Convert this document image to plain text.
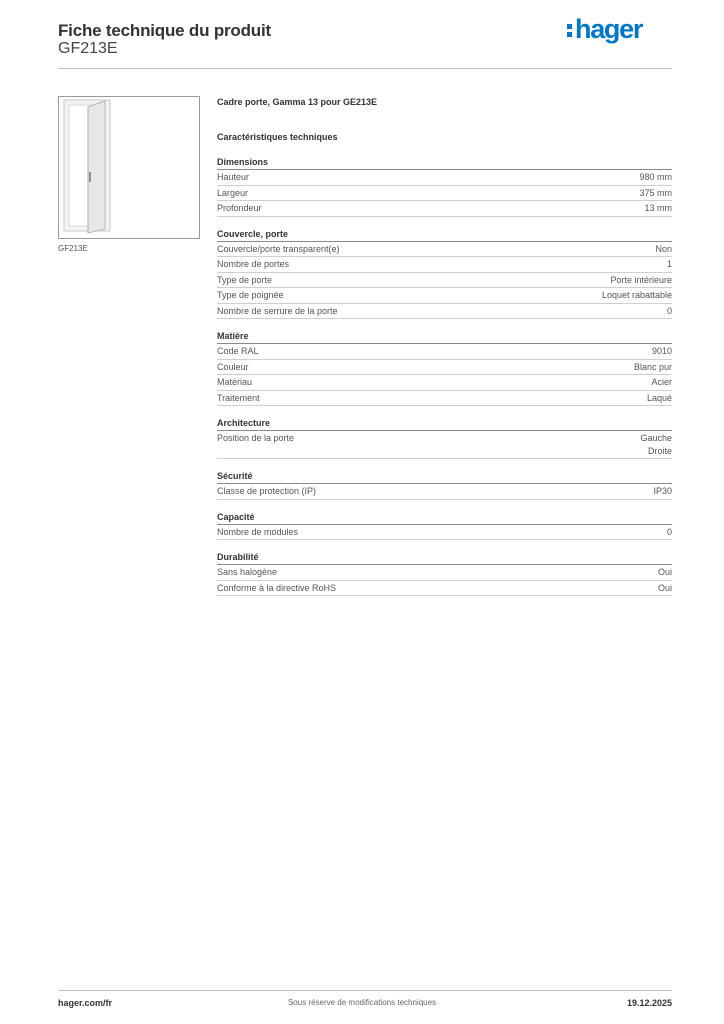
Fiche technique du produit
GF213E
hager
GF213E
Cadre porte, Gamma 13 pour GE213E
Caractéristiques techniques
Dimensions
Hauteur	980 mm
Largeur	375 mm
Profondeur	13 mm
Couvercle, porte
Couvercle/porte transparent(e)	Non
Nombre de portes	1
Type de porte	Porte intérieure
Type de poignée	Loquet rabattable
Nombre de serrure de la porte	0
Matière
Code RAL	9010
Couleur	Blanc pur
Matériau	Acier
Traitement	Laqué
Architecture
Position de la porte	Gauche
Droite
Sécurité
Classe de protection (IP)	IP30
Capacité
Nombre de modules	0
Durabilité
Sans halogène	Oui
Conforme à la directive RoHS	Oui
hager.com/fr	Sous réserve de modifications techniques	19.12.2025
